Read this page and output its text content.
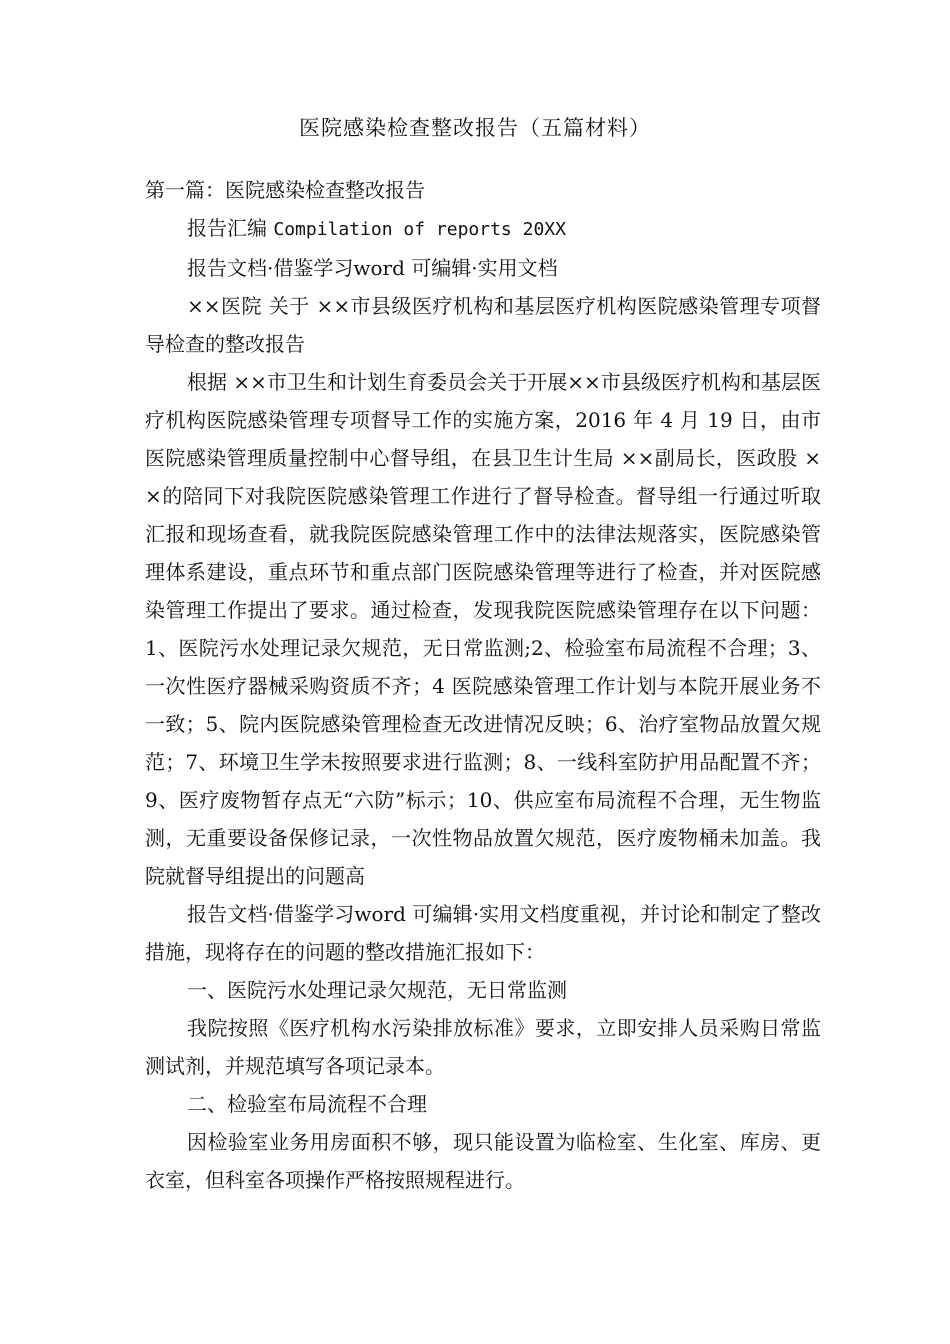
医院感染检查整改报告（五篇材料）

第一篇：医院感染检查整改报告

报告汇编 Compilation of reports 20XX

报告文档·借鉴学习word 可编辑·实用文档

××医院 关于 ××市县级医疗机构和基层医疗机构医院感染管理专项督导检查的整改报告

根据 ××市卫生和计划生育委员会关于开展××市县级医疗机构和基层医疗机构医院感染管理专项督导工作的实施方案，2016 年 4 月 19 日，由市医院感染管理质量控制中心督导组，在县卫生计生局 ××副局长，医政股 ××的陪同下对我院医院感染管理工作进行了督导检查。督导组一行通过听取汇报和现场查看，就我院医院感染管理工作中的法律法规落实，医院感染管理体系建设，重点环节和重点部门医院感染管理等进行了检查，并对医院感染管理工作提出了要求。通过检查，发现我院医院感染管理存在以下问题：1、医院污水处理记录欠规范，无日常监测;2、检验室布局流程不合理；3、一次性医疗器械采购资质不齐；4 医院感染管理工作计划与本院开展业务不一致；5、院内医院感染管理检查无改进情况反映；6、治疗室物品放置欠规范；7、环境卫生学未按照要求进行监测；8、一线科室防护用品配置不齐；9、医疗废物暂存点无“六防”标示；10、供应室布局流程不合理，无生物监测，无重要设备保修记录，一次性物品放置欠规范，医疗废物桶未加盖。我院就督导组提出的问题高

报告文档·借鉴学习word 可编辑·实用文档度重视，并讨论和制定了整改措施，现将存在的问题的整改措施汇报如下：

一、医院污水处理记录欠规范，无日常监测

我院按照《医疗机构水污染排放标准》要求，立即安排人员采购日常监测试剂，并规范填写各项记录本。

二、检验室布局流程不合理

因检验室业务用房面积不够，现只能设置为临检室、生化室、库房、更衣室，但科室各项操作严格按照规程进行。
